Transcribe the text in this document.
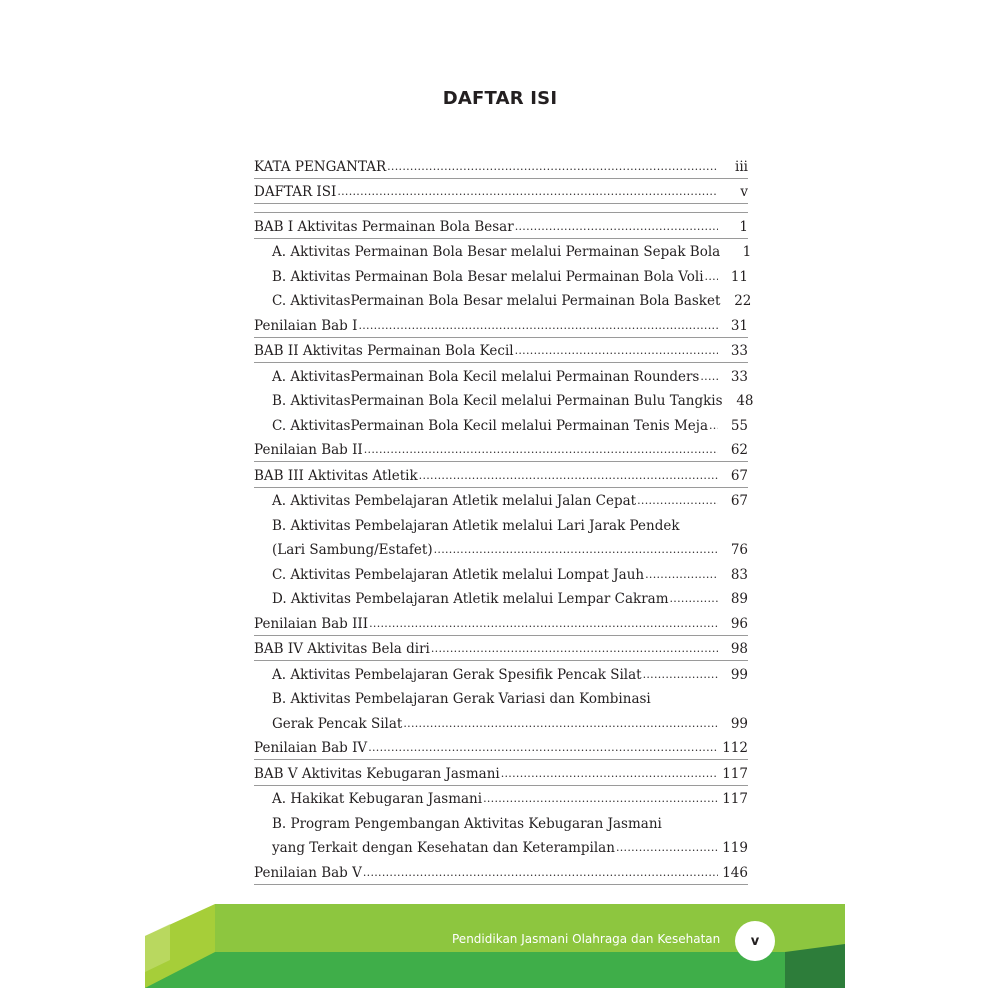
DAFTAR ISI
KATA PENGANTAR .....	iii
DAFTAR ISI .....	v
BAB I Aktivitas Permainan Bola Besar .....	1
A. Aktivitas Permainan Bola Besar melalui Permainan Sepak Bola	1
B. Aktivitas Permainan Bola Besar melalui Permainan Bola Voli .....	11
C. AktivitasPermainan Bola Besar melalui Permainan Bola Basket	22
Penilaian Bab I .....	31
BAB II Aktivitas Permainan Bola Kecil .....	33
A. AktivitasPermainan Bola Kecil melalui Permainan Rounders .....	33
B. AktivitasPermainan Bola Kecil melalui Permainan Bulu Tangkis	48
C. AktivitasPermainan Bola Kecil melalui Permainan Tenis Meja .....	55
Penilaian Bab II .....	62
BAB III Aktivitas Atletik .....	67
A. Aktivitas Pembelajaran Atletik melalui Jalan Cepat .....	67
B. Aktivitas Pembelajaran Atletik melalui Lari Jarak Pendek
(Lari Sambung/Estafet) .....	76
C. Aktivitas Pembelajaran Atletik melalui Lompat Jauh .....	83
D. Aktivitas Pembelajaran Atletik melalui Lempar Cakram .....	89
Penilaian Bab III .....	96
BAB IV Aktivitas Bela diri .....	98
A. Aktivitas Pembelajaran Gerak Spesifik Pencak Silat .....	99
B. Aktivitas Pembelajaran Gerak Variasi dan Kombinasi
Gerak Pencak Silat .....	99
Penilaian Bab IV .....	112
BAB V Aktivitas Kebugaran Jasmani .....	117
A. Hakikat Kebugaran Jasmani .....	117
B. Program Pengembangan Aktivitas Kebugaran Jasmani
yang Terkait dengan Kesehatan dan Keterampilan .....	119
Penilaian Bab V .....	146
Pendidikan Jasmani Olahraga dan Kesehatan v
